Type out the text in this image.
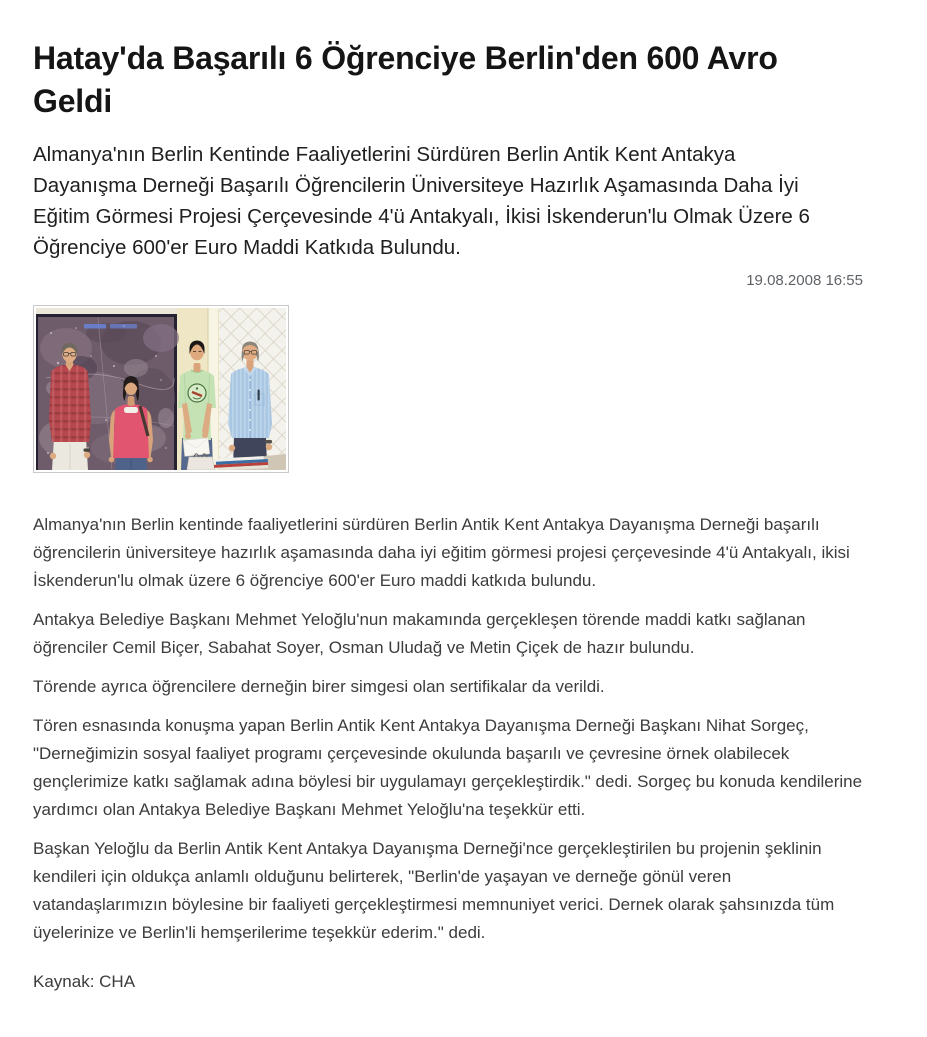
Hatay'da Başarılı 6 Öğrenciye Berlin'den 600 Avro Geldi

Almanya'nın Berlin Kentinde Faaliyetlerini Sürdüren Berlin Antik Kent Antakya Dayanışma Derneği Başarılı Öğrencilerin Üniversiteye Hazırlık Aşamasında Daha İyi Eğitim Görmesi Projesi Çerçevesinde 4'ü Antakyalı, İkisi İskenderun'lu Olmak Üzere 6 Öğrenciye 600'er Euro Maddi Katkıda Bulundu.

19.08.2008 16:55

Almanya'nın Berlin kentinde faaliyetlerini sürdüren Berlin Antik Kent Antakya Dayanışma Derneği başarılı öğrencilerin üniversiteye hazırlık aşamasında daha iyi eğitim görmesi projesi çerçevesinde 4'ü Antakyalı, ikisi İskenderun'lu olmak üzere 6 öğrenciye 600'er Euro maddi katkıda bulundu.

Antakya Belediye Başkanı Mehmet Yeloğlu'nun makamında gerçekleşen törende maddi katkı sağlanan öğrenciler Cemil Biçer, Sabahat Soyer, Osman Uludağ ve Metin Çiçek de hazır bulundu.

Törende ayrıca öğrencilere derneğin birer simgesi olan sertifikalar da verildi.

Tören esnasında konuşma yapan Berlin Antik Kent Antakya Dayanışma Derneği Başkanı Nihat Sorgeç, "Derneğimizin sosyal faaliyet programı çerçevesinde okulunda başarılı ve çevresine örnek olabilecek gençlerimize katkı sağlamak adına böylesi bir uygulamayı gerçekleştirdik." dedi. Sorgeç bu konuda kendilerine yardımcı olan Antakya Belediye Başkanı Mehmet Yeloğlu'na teşekkür etti.

Başkan Yeloğlu da Berlin Antik Kent Antakya Dayanışma Derneği'nce gerçekleştirilen bu projenin şeklinin kendileri için oldukça anlamlı olduğunu belirterek, "Berlin'de yaşayan ve derneğe gönül veren vatandaşlarımızın böylesine bir faaliyeti gerçekleştirmesi memnuniyet verici. Dernek olarak şahsınızda tüm üyelerinize ve Berlin'li hemşerilerime teşekkür ederim." dedi.

Kaynak: CHA
